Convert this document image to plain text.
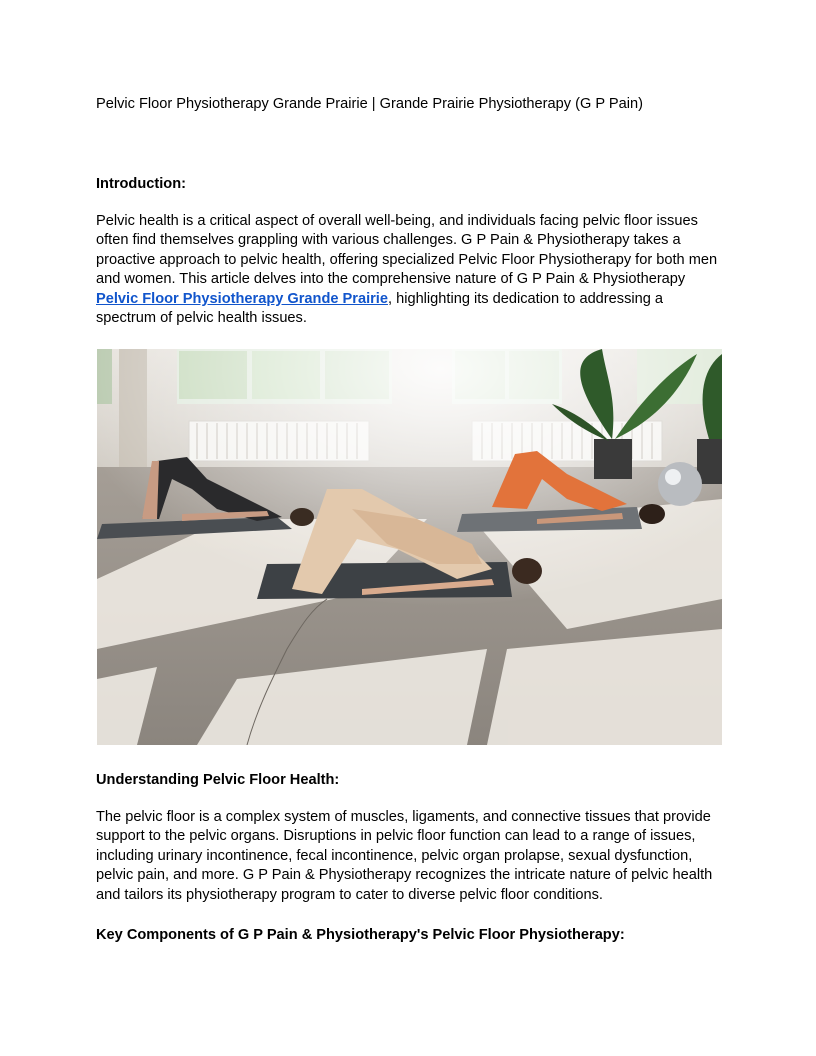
Pelvic Floor Physiotherapy Grande Prairie | Grande Prairie Physiotherapy (G P Pain)
Introduction:
Pelvic health is a critical aspect of overall well-being, and individuals facing pelvic floor issues often find themselves grappling with various challenges. G P Pain & Physiotherapy takes a proactive approach to pelvic health, offering specialized Pelvic Floor Physiotherapy for both men and women. This article delves into the comprehensive nature of G P Pain & Physiotherapy Pelvic Floor Physiotherapy Grande Prairie, highlighting its dedication to addressing a spectrum of pelvic health issues.
Understanding Pelvic Floor Health:
The pelvic floor is a complex system of muscles, ligaments, and connective tissues that provide support to the pelvic organs. Disruptions in pelvic floor function can lead to a range of issues, including urinary incontinence, fecal incontinence, pelvic organ prolapse, sexual dysfunction, pelvic pain, and more. G P Pain & Physiotherapy recognizes the intricate nature of pelvic health and tailors its physiotherapy program to cater to diverse pelvic floor conditions.
Key Components of G P Pain & Physiotherapy's Pelvic Floor Physiotherapy:
